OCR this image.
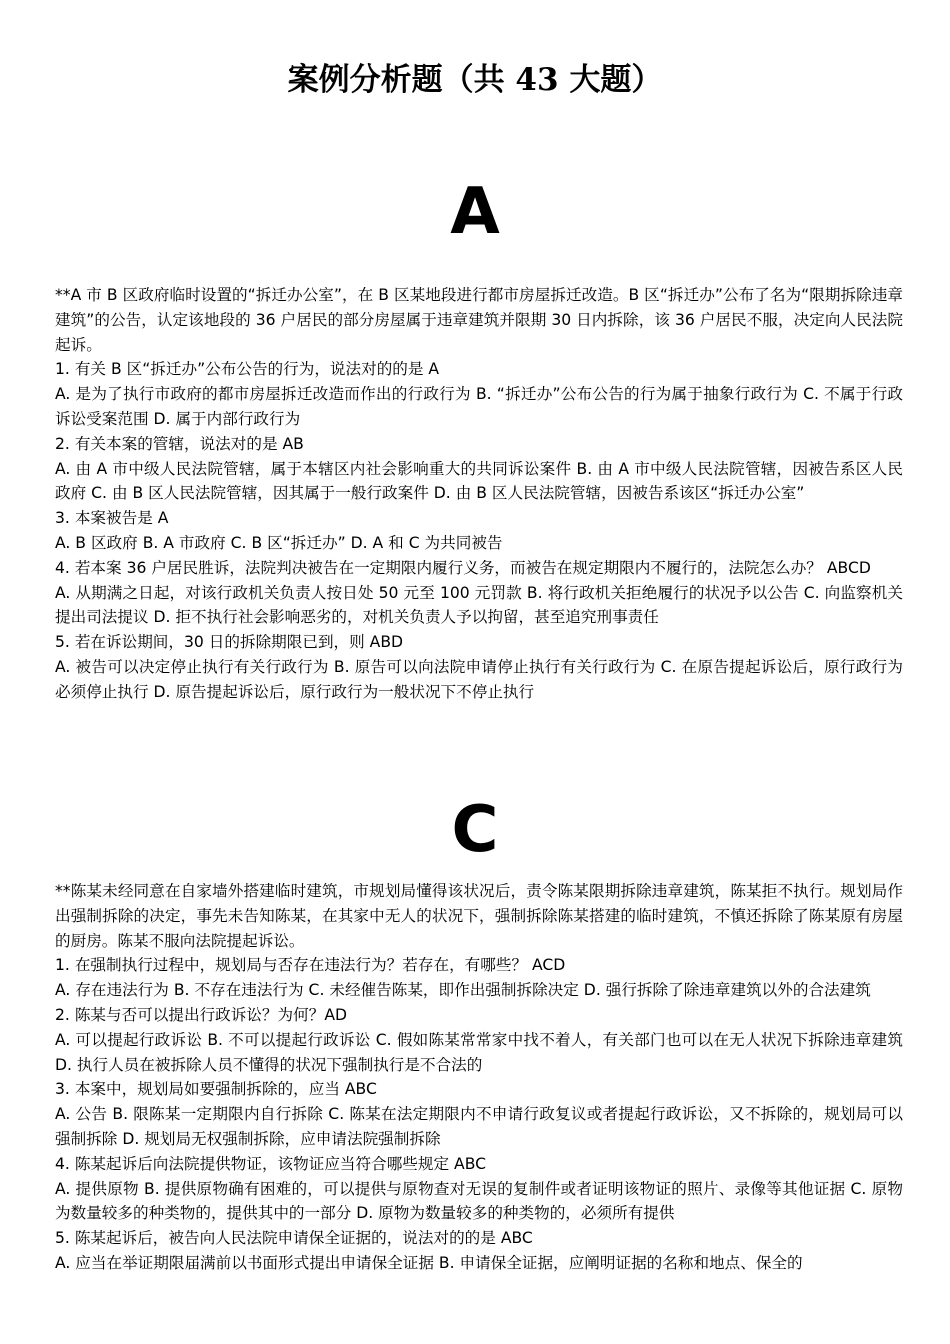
案例分析题（共 43 大题）
A

**A 市 B 区政府临时设置的“拆迁办公室”，在 B 区某地段进行都市房屋拆迁改造。B 区“拆迁办”公布了名为“限期拆除违章建筑”的公告，认定该地段的 36 户居民的部分房屋属于违章建筑并限期 30 日内拆除，该 36 户居民不服，决定向人民法院起诉。

1. 有关 B 区“拆迁办”公布公告的行为，说法对的的是 A

A. 是为了执行市政府的都市房屋拆迁改造而作出的行政行为 B. “拆迁办”公布公告的行为属于抽象行政行为 C. 不属于行政诉讼受案范围 D. 属于内部行政行为

2. 有关本案的管辖，说法对的是 AB

A. 由 A 市中级人民法院管辖，属于本辖区内社会影响重大的共同诉讼案件 B. 由 A 市中级人民法院管辖，因被告系区人民政府 C. 由 B 区人民法院管辖，因其属于一般行政案件 D. 由 B 区人民法院管辖，因被告系该区“拆迁办公室”

3. 本案被告是 A

A. B 区政府 B. A 市政府 C. B 区“拆迁办” D. A 和 C 为共同被告

4. 若本案 36 户居民胜诉，法院判决被告在一定期限内履行义务，而被告在规定期限内不履行的，法院怎么办？ ABCD

A. 从期满之日起，对该行政机关负责人按日处 50 元至 100 元罚款 B. 将行政机关拒绝履行的状况予以公告 C. 向监察机关提出司法提议 D. 拒不执行社会影响恶劣的，对机关负责人予以拘留，甚至追究刑事责任

5. 若在诉讼期间，30 日的拆除期限已到，则 ABD

A. 被告可以决定停止执行有关行政行为 B. 原告可以向法院申请停止执行有关行政行为 C. 在原告提起诉讼后，原行政行为必须停止执行 D. 原告提起诉讼后，原行政行为一般状况下不停止执行

C

**陈某未经同意在自家墙外搭建临时建筑，市规划局懂得该状况后，责令陈某限期拆除违章建筑，陈某拒不执行。规划局作出强制拆除的决定，事先未告知陈某，在其家中无人的状况下，强制拆除陈某搭建的临时建筑，不慎还拆除了陈某原有房屋的厨房。陈某不服向法院提起诉讼。

1. 在强制执行过程中，规划局与否存在违法行为？若存在，有哪些？ ACD

A. 存在违法行为 B. 不存在违法行为 C. 未经催告陈某，即作出强制拆除决定 D. 强行拆除了除违章建筑以外的合法建筑

2. 陈某与否可以提出行政诉讼？为何？AD

A. 可以提起行政诉讼 B. 不可以提起行政诉讼 C. 假如陈某常常家中找不着人，有关部门也可以在无人状况下拆除违章建筑 D. 执行人员在被拆除人员不懂得的状况下强制执行是不合法的

3. 本案中，规划局如要强制拆除的，应当 ABC

A. 公告 B. 限陈某一定期限内自行拆除 C. 陈某在法定期限内不申请行政复议或者提起行政诉讼，又不拆除的，规划局可以强制拆除 D. 规划局无权强制拆除，应申请法院强制拆除

4. 陈某起诉后向法院提供物证，该物证应当符合哪些规定 ABC

A. 提供原物 B. 提供原物确有困难的，可以提供与原物查对无误的复制件或者证明该物证的照片、录像等其他证据 C. 原物为数量较多的种类物的，提供其中的一部分 D. 原物为数量较多的种类物的，必须所有提供

5. 陈某起诉后，被告向人民法院申请保全证据的，说法对的的是 ABC

A. 应当在举证期限届满前以书面形式提出申请保全证据 B. 申请保全证据，应阐明证据的名称和地点、保全的
